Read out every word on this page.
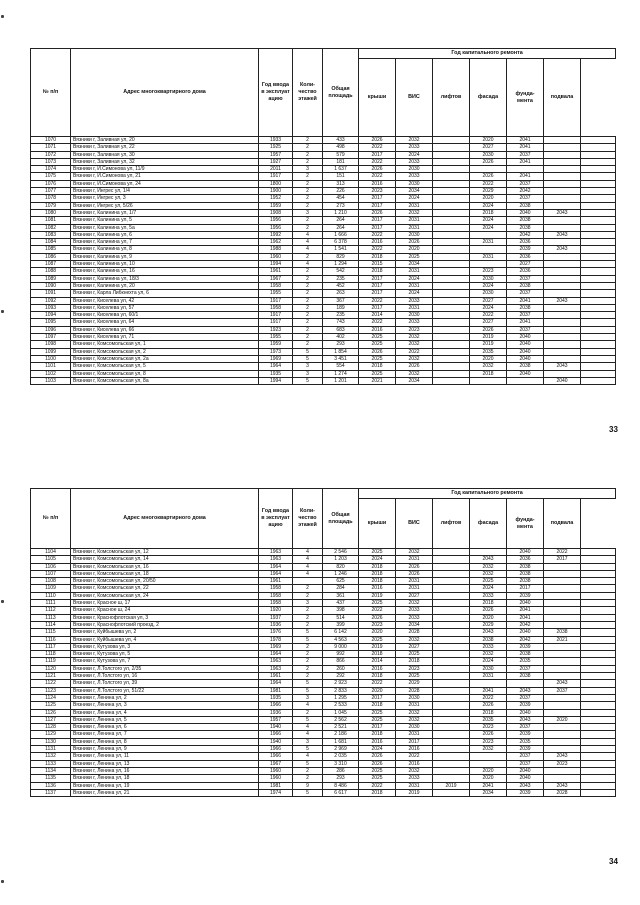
№ п/п	Адрес многоквартирного дома	Год ввода в эксплуат ацию	Коли-чество этажей	Общая площадь	Год капитального ремонта						
					крыши	ВИС	лифтов	фасада	фунда-мента	подвала	
1070	Вязники г, Заливная ул, 20	1933	2	433	2026	2032		2020	2041		
1071	Вязники г, Заливная ул, 22	1925	2	498	2022	2033		2027	2041		
1072	Вязники г, Заливная ул, 30	1957	2	579	2017	2024		2030	2037		
1073	Вязники г, Заливная ул, 32	1927	2	181	2022	2033		2026	2041		
1074	Вязники г, И.Симонова ул, 11/9	2011	3	1 637	2026	2030					
1075	Вязники г, И.Симонова ул, 21	1917	2	151	2022	2033		2026	2041		
1076	Вязники г, И.Симонова ул, 24	1800	2	313	2016	2030		2022	2037		
1077	Вязники г, Ингрес ул, 1/4	1900	2	226	2023	2034		2029	2042		
1078	Вязники г, Ингрес ул, 3	1952	2	454	2017	2024		2020	2037		
1079	Вязники г, Ингрес ул, 5/26	1959	2	273	2017	2031		2024	2038		
1080	Вязники г, Калинина ул, 1/7	1908	3	1 210	2026	2032		2018	2040	2043	
1081	Вязники г, Калинина ул, 5	1956	2	264	2017	2031		2024	2038		
1082	Вязники г, Калинина ул, 5а	1956	2	264	2017	2031		2024	2038		
1083	Вязники г, Калинина ул, 6	1992	4	1 666	2022	2030			2042	2043	
1084	Вязники г, Калинина ул, 7	1962	4	6 378	2016	2026		2031	2036		
1085	Вязники г, Калинина ул, 8	1988	4	1 541	2022	2020			2039	2043	
1086	Вязники г, Калинина ул, 9	1960	2	829	2018	2025		2031	2036		
1087	Вязники г, Калинина ул, 10	1994	4	1 294	2015	2034			2027		
1088	Вязники г, Калинина ул, 16	1961	2	542	2018	2031		2023	2036		
1089	Вязники г, Калинина ул, 18/3	1967	2	235	2017	2024		2030	2037		
1090	Вязники г, Калинина ул, 20	1958	2	452	2017	2031		2024	2038		
1091	Вязники г, Карла Либкнехта ул, 6	1955	2	263	2017	2024		2030	2037		
1092	Вязники г, Киселева ул, 42	1917	2	367	2022	2033		2027	2041	2043	
1093	Вязники г, Киселева ул, 57	1958	2	189	2017	2031		2024	2038		
1094	Вязники г, Киселева ул, 60/1	1917	2	235	2014	2030		2022	2037		
1095	Вязники г, Киселева ул, 64	1917	2	743	2022	2033		2027	2041		
1096	Вязники г, Киселева ул, 66	1923	2	683	2016	2023		2026	2037		
1097	Вязники г, Киселева ул, 71	1955	2	402	2025	2032		2019	2040		
1098	Вязники г, Комсомольская ул, 1	1959	2	293	2025	2032		2019	2040		
1099	Вязники г, Комсомольская ул, 2	1973	5	1 854	2026	2022		2035	2040		
1100	Вязники г, Комсомольская ул, 2а	1969	5	3 451	2025	2032		2020	2040		
1101	Вязники г, Комсомольская ул, 5	1964	3	554	2018	2026		2032	2038	2043	
1102	Вязники г, Комсомольская ул, 8	1935	3	1 274	2025	2032		2018	2040		
1103	Вязники г, Комсомольская ул, 8а	1994	5	1 201	2021	2034				2040	
33
№ п/п	Адрес многоквартирного дома	Год ввода в эксплуат ацию	Коли-чество этажей	Общая площадь	Год капитального ремонта						
					крыши	ВИС	лифтов	фасада	фунда-мента	подвала	
1104	Вязники г, Комсомольская ул, 12	1963	4	2 546	2025	2032			2040	2022	
1105	Вязники г, Комсомольская ул, 14	1963	4	1 203	2024	2031		2043	2036	2017	
1106	Вязники г, Комсомольская ул, 16	1964	4	820	2018	2026		2032	2038		
1107	Вязники г, Комсомольская ул, 18	1964	4	1 246	2018	2026		2032	2038		
1108	Вязники г, Комсомольская ул, 20/50	1961		625	2018	2031		2025	2038		
1109	Вязники г, Комсомольская ул, 22	1958	2	284	2016	2031		2024	2017		
1110	Вязники г, Комсомольская ул, 24	1958	2	361	2019	2027		2033	2039		
1111	Вязники г, Красное ш, 17	1958	3	437	2025	2032		2018	2040		
1112	Вязники г, Красное ш, 24	1920	2	398	2022	2033		2026	2041		
1113	Вязники г, Краснофлотская ул, 3	1937	2	514	2026	2033		2020	2041		
1114	Вязники г, Краснофлотский проезд, 2	1936	2	399	2023	2034		2029	2042		
1115	Вязники г, Куйбышева ул, 2	1976	5	6 142	2020	2028		2043	2040	2038	
1116	Вязники г, Куйбышева ул, 4	1978	5	4 563	2025	2032		2038	2042	2021	
1117	Вязники г, Кутузова ул, 3	1969	2	9 000	2019	2027		2033	2039		
1118	Вязники г, Кутузова ул, 5	1964	2	992	2018	2025		2032	2038		
1119	Вязники г, Кутузова ул, 7	1963	2	866	2014	2018		2024	2035		
1120	Вязники г, Л.Толстого ул, 2/35	1963	2	260	2016	2023		2030	2037		
1121	Вязники г, Л.Толстого ул, 16	1961	2	292	2018	2025		2031	2038		
1122	Вязники г, Л.Толстого ул, 39	1964	5	2 923	2022	2029				2043	
1123	Вязники г, Л.Толстого ул, 51/22	1981	5	2 833	2020	2028		2041	2043	2037	
1124	Вязники г, Ленина ул, 2	1935	3	1 295	2017	2030		2022	2037		
1125	Вязники г, Ленина ул, 3	1966	4	2 533	2018	2031		2026	2039		
1126	Вязники г, Ленина ул, 4	1936	2	1 045	2025	2032		2018	2040		
1127	Вязники г, Ленина ул, 5	1957	5	2 562	2025	2032		2035	2043	2020	
1128	Вязники г, Ленина ул, 6	1940	4	2 521	2017	2030		2023	2037		
1129	Вязники г, Ленина ул, 7	1966	4	2 186	2018	2031		2026	2039		
1130	Вязники г, Ленина ул, 8	1940	3	1 681	2016	2017		2023	2035		
1131	Вязники г, Ленина ул, 9	1966	5	2 969	2024	2016		2032	2039		
1132	Вязники г, Ленина ул, 11	1966	4	2 035	2026	2022			2037	2043	
1133	Вязники г, Ленина ул, 13	1967	5	3 310	2026	2016			2037	2023	
1134	Вязники г, Ленина ул, 16	1960	2	286	2025	2032		2020	2040		
1135	Вязники г, Ленина ул, 18	1960	2	293	2025	2033		2020	2040		
1136	Вязники г, Ленина ул, 19	1981	9	8 486	2022	2031	2019	2041	2043	2043	
1137	Вязники г, Ленина ул, 21	1974	5	6 617	2018	2019		2034	2039	2028	
34
